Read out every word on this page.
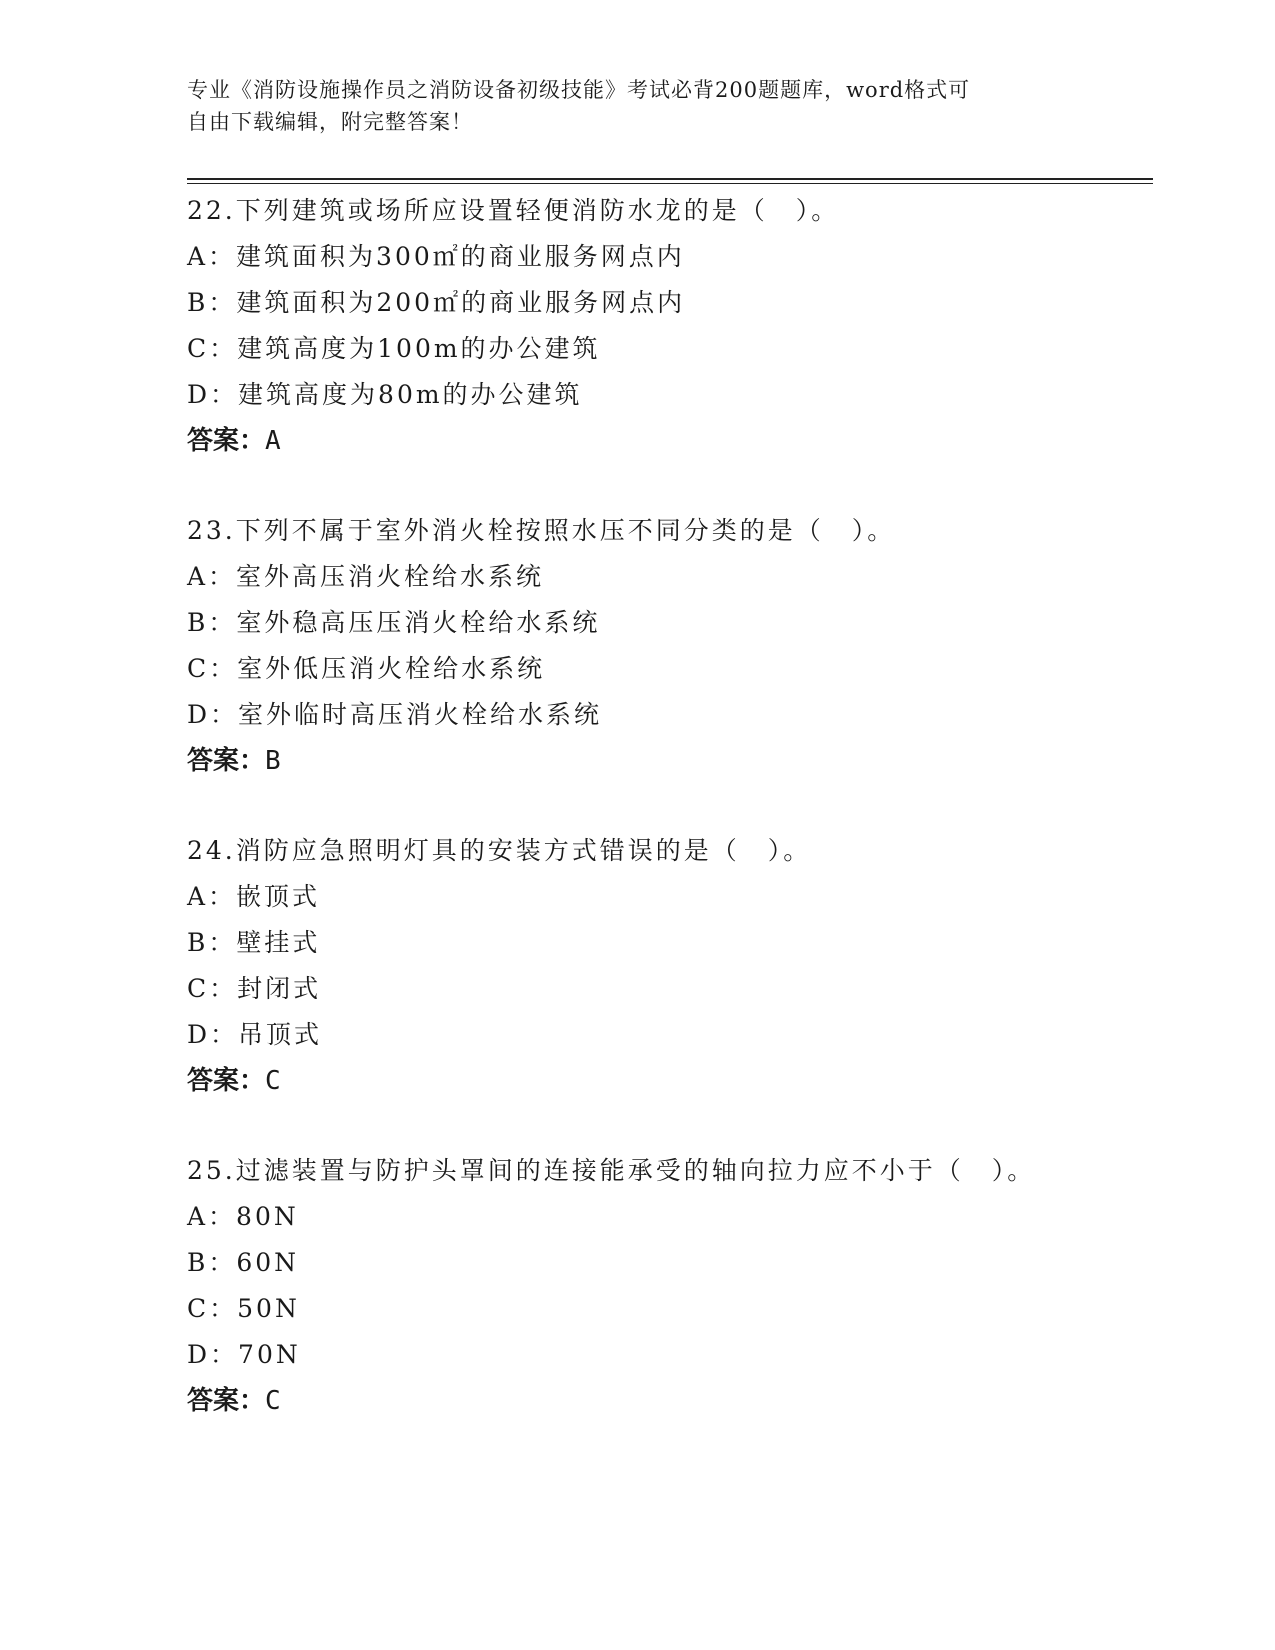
专业《消防设施操作员之消防设备初级技能》考试必背200题题库，word格式可
自由下载编辑，附完整答案！
22.下列建筑或场所应设置轻便消防水龙的是（　）。
A：建筑面积为300㎡的商业服务网点内
B：建筑面积为200㎡的商业服务网点内
C：建筑高度为100m的办公建筑
D：建筑高度为80m的办公建筑
答案：A
23.下列不属于室外消火栓按照水压不同分类的是（　）。
A：室外高压消火栓给水系统
B：室外稳高压压消火栓给水系统
C：室外低压消火栓给水系统
D：室外临时高压消火栓给水系统
答案：B
24.消防应急照明灯具的安装方式错误的是（　）。
A：嵌顶式
B：壁挂式
C：封闭式
D：吊顶式
答案：C
25.过滤装置与防护头罩间的连接能承受的轴向拉力应不小于（　）。
A：80N
B：60N
C：50N
D：70N
答案：C
